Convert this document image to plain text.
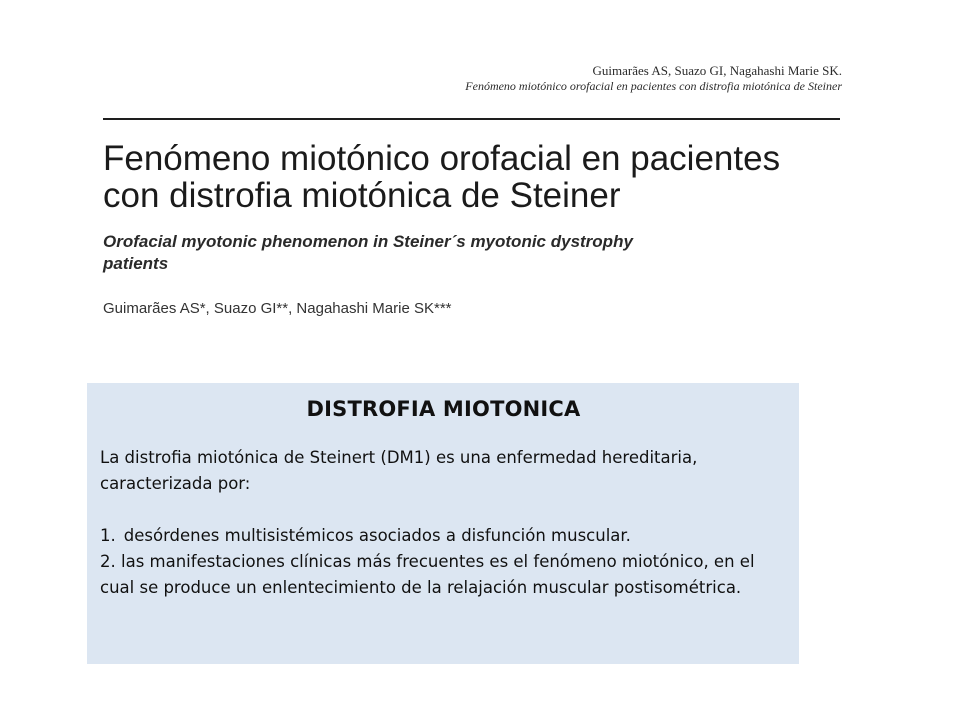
Guimarães AS, Suazo GI, Nagahashi Marie SK.
Fenómeno miotónico orofacial en pacientes con distrofia miotónica de Steiner
Fenómeno miotónico orofacial en pacientes
con distrofia miotónica de Steiner
Orofacial myotonic phenomenon in Steiner´s myotonic dystrophy
patients
Guimarães AS*, Suazo GI**, Nagahashi Marie SK***
DISTROFIA MIOTONICA

La distrofia miotónica de Steinert (DM1) es una enfermedad hereditaria, caracterizada por:

1. desórdenes multisistémicos asociados a disfunción muscular.

2. las manifestaciones clínicas más frecuentes es el fenómeno miotónico, en el cual se produce un enlentecimiento de la relajación muscular postisométrica.
